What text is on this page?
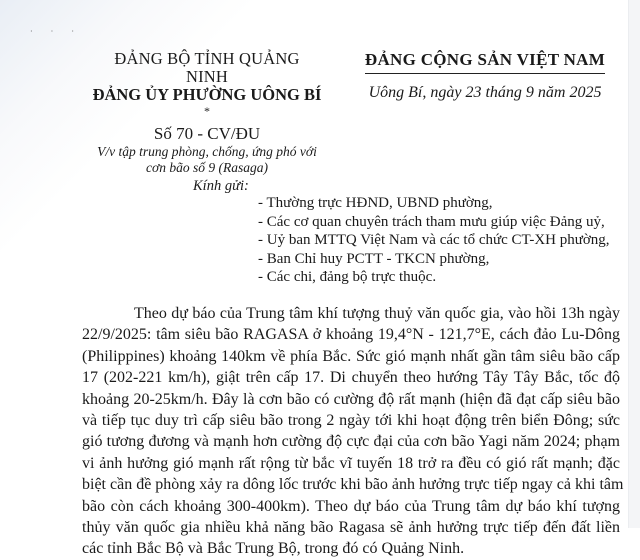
· · ·
ĐẢNG BỘ TỈNH QUẢNG NINH
ĐẢNG ỦY PHƯỜNG UÔNG BÍ
*
Số 70 - CV/ĐU
V/v tập trung phòng, chống, ứng phó với
cơn bão số 9 (Rasaga)
ĐẢNG CỘNG SẢN VIỆT NAM
Uông Bí, ngày 23 tháng 9 năm 2025
Kính gửi:
- Thường trực HĐND, UBND phường,
- Các cơ quan chuyên trách tham mưu giúp việc Đảng uỷ,
- Uỷ ban MTTQ Việt Nam và các tổ chức CT-XH phường,
- Ban Chỉ huy PCTT - TKCN phường,
- Các chi, đảng bộ trực thuộc.
Theo dự báo của Trung tâm khí tượng thuỷ văn quốc gia, vào hồi 13h ngày
22/9/2025: tâm siêu bão RAGASA ở khoảng 19,4°N - 121,7°E, cách đảo Lu-Dông
(Philippines) khoảng 140km về phía Bắc. Sức gió mạnh nhất gần tâm siêu bão cấp
17 (202-221 km/h), giật trên cấp 17. Di chuyển theo hướng Tây Tây Bắc, tốc độ
khoảng 20-25km/h. Đây là cơn bão có cường độ rất mạnh (hiện đã đạt cấp siêu bão
và tiếp tục duy trì cấp siêu bão trong 2 ngày tới khi hoạt động trên biển Đông; sức
gió tương đương và mạnh hơn cường độ cực đại của cơn bão Yagi năm 2024; phạm
vi ảnh hưởng gió mạnh rất rộng từ bắc vĩ tuyến 18 trở ra đều có gió rất mạnh; đặc
biệt cần đề phòng xảy ra dông lốc trước khi bão ảnh hưởng trực tiếp ngay cả khi tâm
bão còn cách khoảng 300-400km). Theo dự báo của Trung tâm dự báo khí tượng
thủy văn quốc gia nhiều khả năng bão Ragasa sẽ ảnh hưởng trực tiếp đến đất liền
các tỉnh Bắc Bộ và Bắc Trung Bộ, trong đó có Quảng Ninh.
